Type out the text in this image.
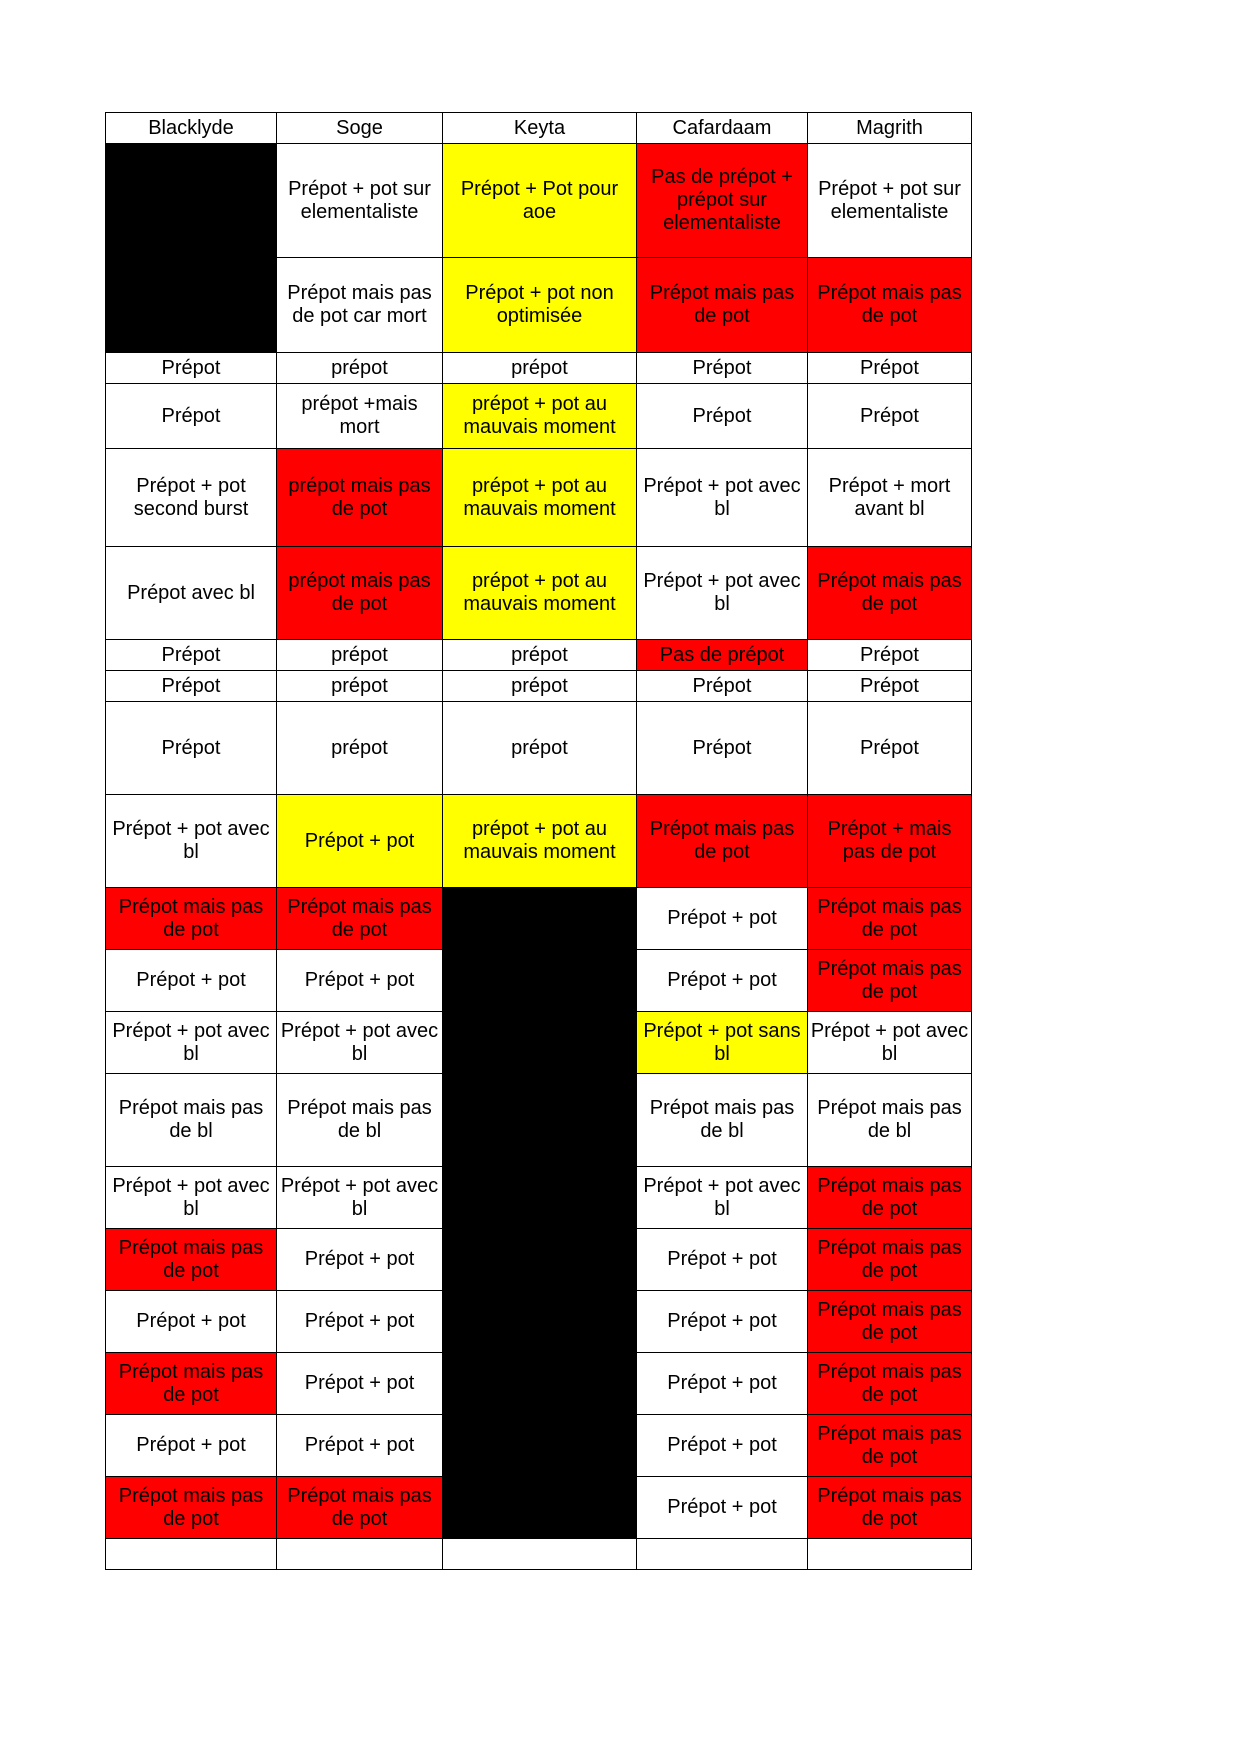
Blacklyde	Soge	Keyta	Cafardaam	Magrith
	Prépot + pot sur elementaliste	Prépot + Pot pour aoe	Pas de prépot + prépot sur elementaliste	Prépot + pot sur elementaliste
	Prépot mais pas de pot car mort	Prépot + pot non optimisée	Prépot mais pas de pot	Prépot mais pas de pot
Prépot	prépot	prépot	Prépot	Prépot
Prépot	prépot +mais mort	prépot + pot au mauvais moment	Prépot	Prépot
Prépot + pot second burst	prépot mais pas de pot	prépot + pot au mauvais moment	Prépot + pot avec bl	Prépot + mort avant bl
Prépot avec bl	prépot mais pas de pot	prépot + pot au mauvais moment	Prépot + pot avec bl	Prépot mais pas de pot
Prépot	prépot	prépot	Pas de prépot	Prépot
Prépot	prépot	prépot	Prépot	Prépot
Prépot	prépot	prépot	Prépot	Prépot
Prépot + pot avec bl	Prépot + pot	prépot + pot au mauvais moment	Prépot mais pas de pot	Prépot + mais pas de pot
Prépot mais pas de pot	Prépot mais pas de pot		Prépot + pot	Prépot mais pas de pot
Prépot + pot	Prépot + pot		Prépot + pot	Prépot mais pas de pot
Prépot + pot avec bl	Prépot + pot avec bl		Prépot + pot sans bl	Prépot + pot avec bl
Prépot mais pas de bl	Prépot mais pas de bl		Prépot mais pas de bl	Prépot mais pas de bl
Prépot + pot avec bl	Prépot + pot avec bl		Prépot + pot avec bl	Prépot mais pas de pot
Prépot mais pas de pot	Prépot + pot		Prépot + pot	Prépot mais pas de pot
Prépot + pot	Prépot + pot		Prépot + pot	Prépot mais pas de pot
Prépot mais pas de pot	Prépot + pot		Prépot + pot	Prépot mais pas de pot
Prépot + pot	Prépot + pot		Prépot + pot	Prépot mais pas de pot
Prépot mais pas de pot	Prépot mais pas de pot		Prépot + pot	Prépot mais pas de pot
